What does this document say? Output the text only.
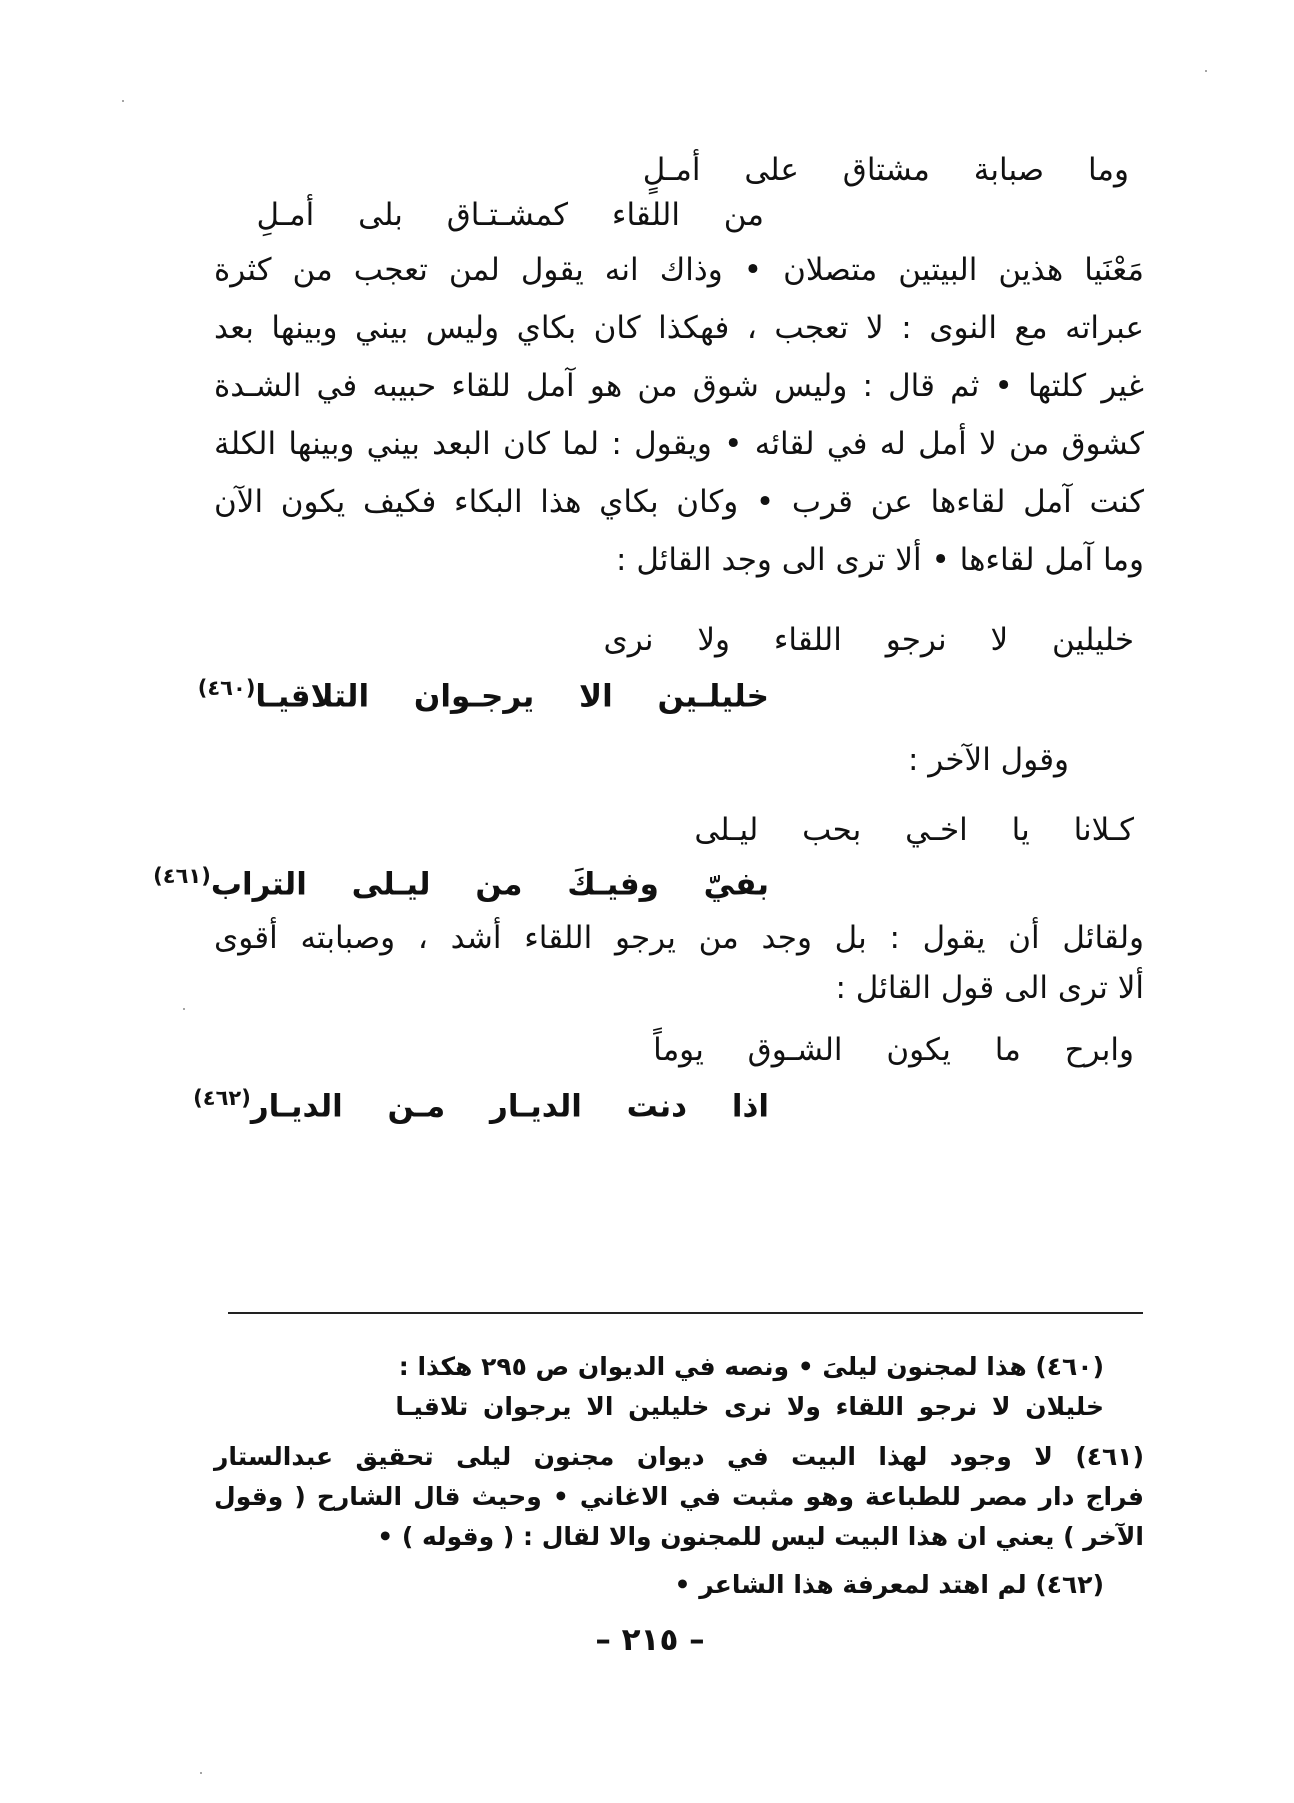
وما صبابة مشتاق على أمـلٍ
من اللقاء كمشـتـاق بلى أمـلِ
مَعْنَيا هذين البيتين متصلان • وذاك انه يقول لمن تعجب من كثرة
عبراته مع النوى : لا تعجب ، فهكذا كان بكاي وليس بيني وبينها بعد
غير كلتها • ثم قال : وليس شوق من هو آمل للقاء حبيبه في الشـدة
كشوق من لا أمل له في لقائه • ويقول : لما كان البعد بيني وبينها الكلة
كنت آمل لقاءها عن قرب • وكان بكاي هذا البكاء فكيف يكون الآن
وما آمل لقاءها • ألا ترى الى وجد القائل :
خليلين لا نرجو اللقاء ولا نرى
خليلـين الا يرجـوان التلاقيـا$^{(٤٦٠)}$
وقول الآخر :
كـلانا يا اخـي بحب ليـلى
بفيّ وفيـكَ من ليـلى التراب$^{(٤٦١)}$
ولقائل أن يقول : بل وجد من يرجو اللقاء أشد ، وصبابته أقوى
ألا ترى الى قول القائل :
وابرح ما يكون الشـوق يوماً
اذا دنت الديـار مـن الديـار$^{(٤٦٢)}$
(٤٦٠) هذا لمجنون ليلىَ • ونصه في الديوان ص ٢٩٥ هكذا :
خليلان لا نرجو اللقاء ولا نرى خليلين الا يرجوان تلاقيـا
(٤٦١) لا وجود لهذا البيت في ديوان مجنون ليلى تحقيق عبدالستار
فراج دار مصر للطباعة وهو مثبت في الاغاني • وحيث قال الشارح ( وقول
الآخر ) يعني ان هذا البيت ليس للمجنون والا لقال : ( وقوله ) •
(٤٦٢) لم اهتد لمعرفة هذا الشاعر •
– ٢١٥ –
